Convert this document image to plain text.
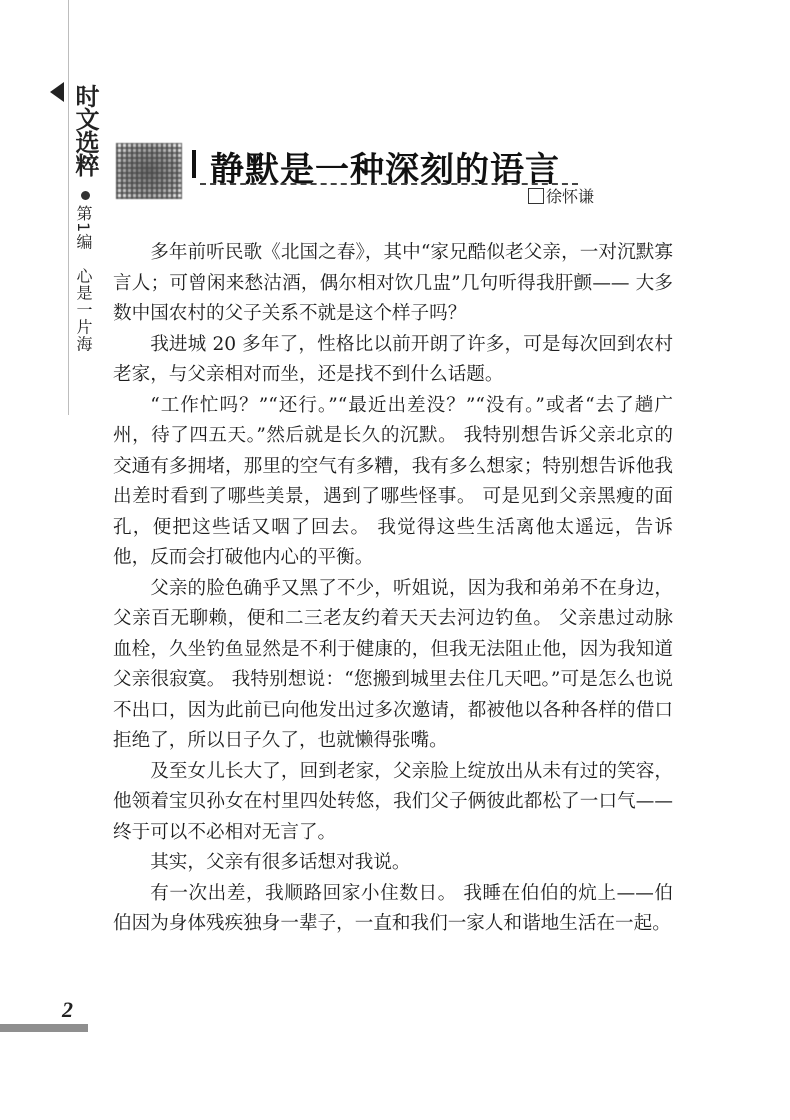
时文选粹
第1编　心是一片海
静默是一种深刻的语言
徐怀谦

多年前听民歌《北国之春》，其中“家兄酷似老父亲，一对沉默寡言人；可曾闲来愁沽酒，偶尔相对饮几盅”几句听得我肝颤—— 大多数中国农村的父子关系不就是这个样子吗？

我进城 20 多年了，性格比以前开朗了许多，可是每次回到农村老家，与父亲相对而坐，还是找不到什么话题。

“工作忙吗？”“还行。”“最近出差没？”“没有。”或者“去了趟广州，待了四五天。”然后就是长久的沉默。 我特别想告诉父亲北京的交通有多拥堵，那里的空气有多糟，我有多么想家；特别想告诉他我出差时看到了哪些美景，遇到了哪些怪事。 可是见到父亲黑瘦的面孔，便把这些话又咽了回去。 我觉得这些生活离他太遥远，告诉他，反而会打破他内心的平衡。

父亲的脸色确乎又黑了不少，听姐说，因为我和弟弟不在身边，父亲百无聊赖，便和二三老友约着天天去河边钓鱼。 父亲患过动脉血栓，久坐钓鱼显然是不利于健康的，但我无法阻止他，因为我知道父亲很寂寞。 我特别想说：“您搬到城里去住几天吧。”可是怎么也说不出口，因为此前已向他发出过多次邀请，都被他以各种各样的借口拒绝了，所以日子久了，也就懒得张嘴。

及至女儿长大了，回到老家，父亲脸上绽放出从未有过的笑容，他领着宝贝孙女在村里四处转悠，我们父子俩彼此都松了一口气——终于可以不必相对无言了。

其实，父亲有很多话想对我说。

有一次出差，我顺路回家小住数日。 我睡在伯伯的炕上——伯伯因为身体残疾独身一辈子，一直和我们一家人和谐地生活在一起。

2
